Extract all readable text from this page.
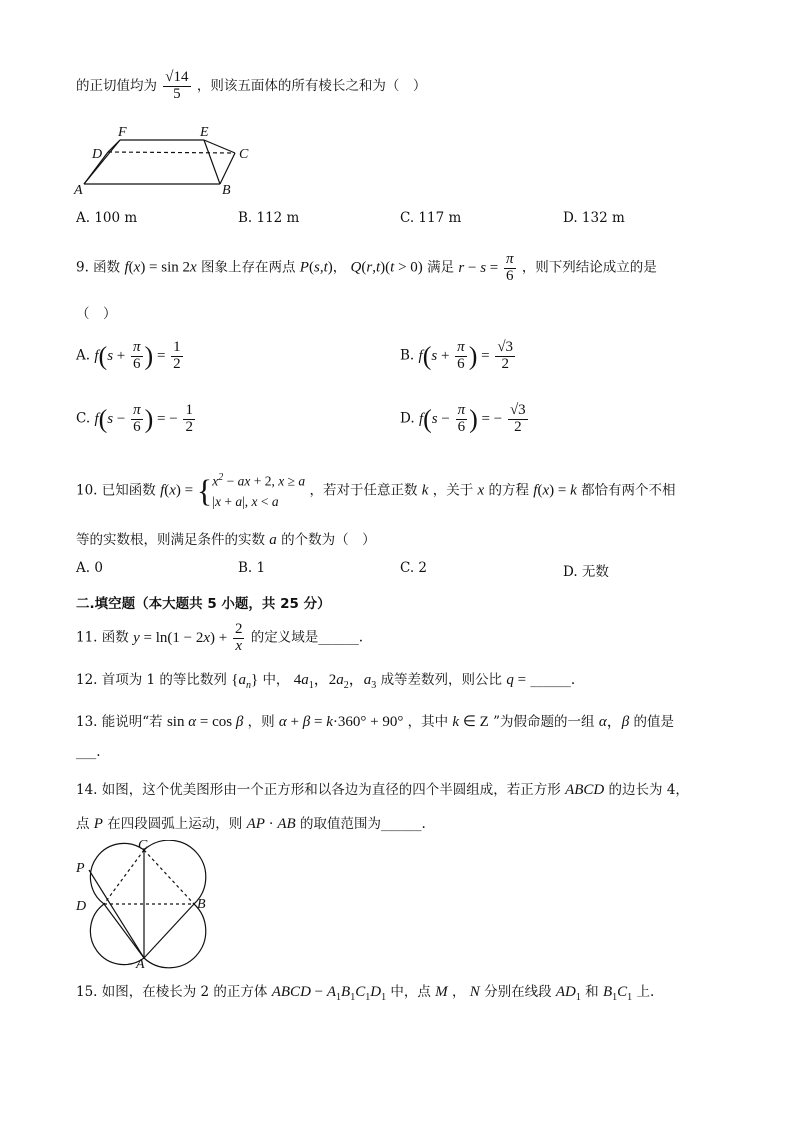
的正切值均为 $\frac{√14}{5}$ ，则该五面体的所有棱长之和为（　）
F	E
D	C
A	B
A. 100 m	B. 112 m	C. 117 m	D. 132 m
9. 函数 f(x) = sin 2x 图象上存在两点 P(s,t)， Q(r,t)(t > 0) 满足 $r - s = \frac{\pi}{6}$ ，则下列结论成立的是
（　）
A. $f(s + \frac{\pi}{6}$ ) = $\frac{1}{2}$	B. $f(s + \frac{\pi}{6}$ ) = $\frac{√3}{2}$
C. $f(s - \frac{\pi}{6}$ ) = − $\frac{1}{2}$	D. $f(s - \frac{\pi}{6}$ ) = − $\frac{√3}{2}$
10. 已知函数 $f(x) = \{x^2$ − ax + 2, x ≥ a
|x + a|, x < a ，若对于任意正数 k ，关于 x 的方程 f(x) = k 都恰有两个不相
等的实数根，则满足条件的实数 a 的个数为（　）
A. 0	B. 1	C. 2	D. 无数
二.填空题（本大题共 5 小题，共 25 分）
11. 函数 $y = \ln(1 - 2x) + \frac{2}{x}$ 的定义域是______.
12. 首项为 1 的等比数列 $\{a_n\}$ 中， $4a_1$，$2a_2$，$a_3$ 成等差数列，则公比 q = ______.
13. 能说明“若 sin α = cos β ，则 α + β = k·360° + 90° ，其中 k ∈ Z ”为假命题的一组 α，β 的值是
___.
14. 如图，这个优美图形由一个正方形和以各边为直径的四个半圆组成，若正方形 ABCD 的边长为 4，
点 P 在四段圆弧上运动，则 AP · AB 的取值范围为______.
P
C
D	B
A
15. 如图，在棱长为 2 的正方体 ABCD − $A_1B_1C_1D_1$ 中，点 M ， N 分别在线段 $AD_1$ 和 $B_1C_1$ 上.
